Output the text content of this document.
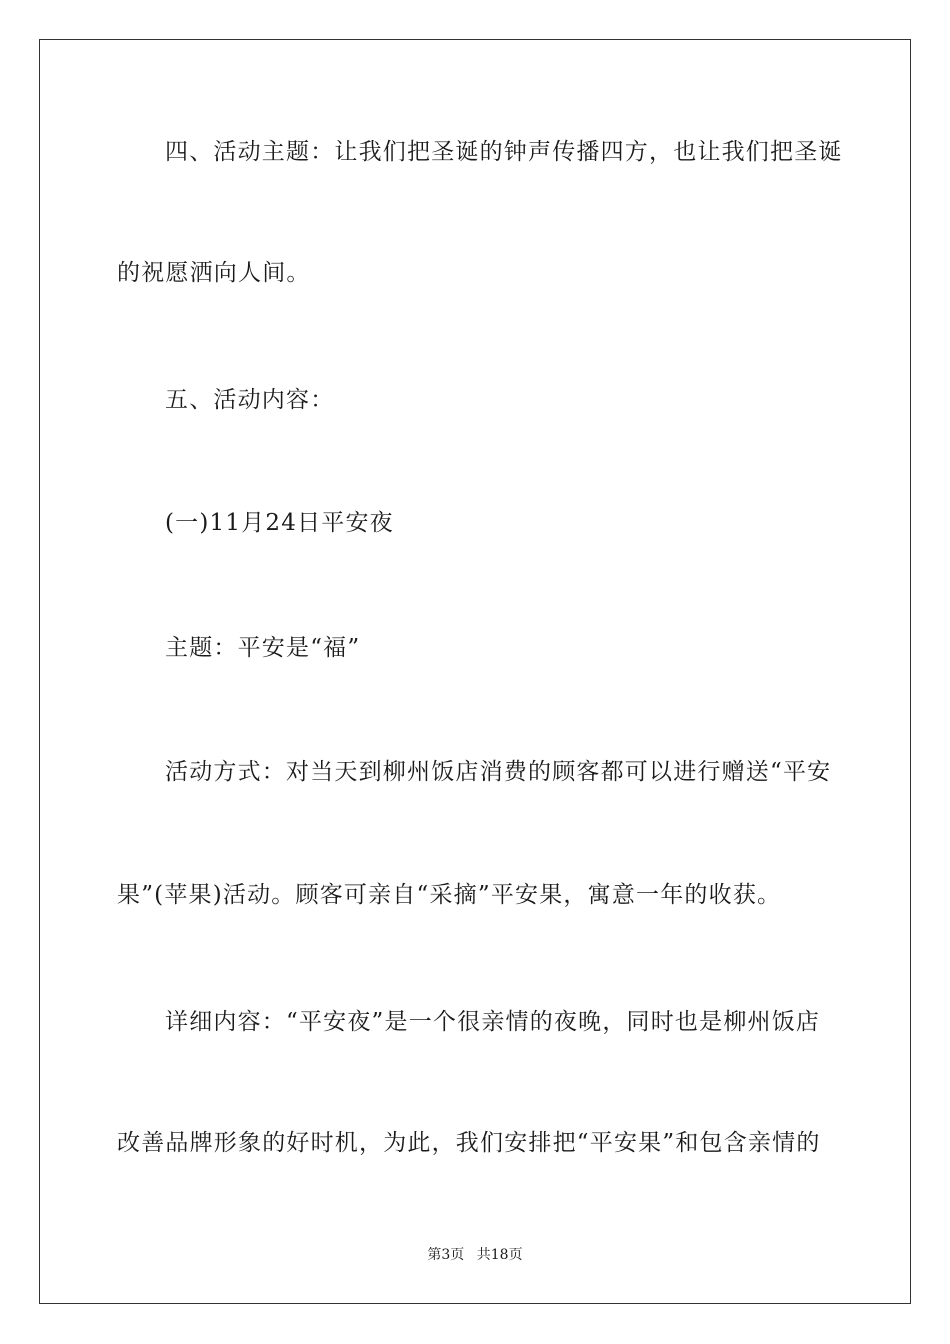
四、活动主题：让我们把圣诞的钟声传播四方，也让我们把圣诞
的祝愿洒向人间。
五、活动内容：
(一)11月24日平安夜
主题：平安是“福”
活动方式：对当天到柳州饭店消费的顾客都可以进行赠送“平安
果”(苹果)活动。顾客可亲自“采摘”平安果，寓意一年的收获。
详细内容：“平安夜”是一个很亲情的夜晚，同时也是柳州饭店
改善品牌形象的好时机，为此，我们安排把“平安果”和包含亲情的
第3页 共18页
